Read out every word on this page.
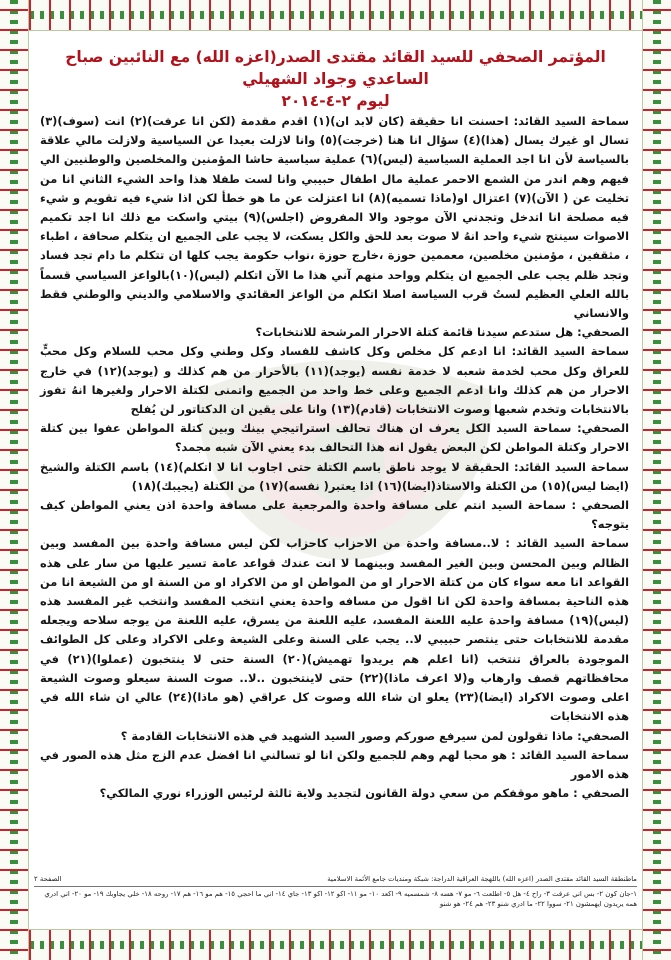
المؤتمر الصحفي للسيد القائد مقتدى الصدر(اعزه الله) مع النائبين صباح الساعدي وجواد الشهيلي
ليوم ٢-٤-٢٠١٤

سماحة السيد القائد: احسنت انا حقيقة (كان لابد ان)(١) اقدم مقدمة (لكن انا عرفت)(٢) انت (سوف)(٣) تسال او غيرك يسال (هذا)(٤) سؤال انا هنا (خرجت)(٥) وانا لازلت بعيدا عن السياسية ولازلت مالي علاقة بالسياسة لأن انا اجد العملية السياسية (ليس)(٦) عملية سياسية حاشا المؤمنين والمخلصين والوطنيين الي فيهم وهم اندر من الشمع الاحمر عملية مال اطفال حبيبي وانا لست طفلا هذا واحد الشيء الثاني انا من تخليت عن ( الآن)(٧) اعتزال او(ماذا تسميه)(٨) انا اعتزلت عن ما هو خطأ لكن اذا شيء فيه تقويم و شيء فيه مصلحة انا اتدخل وتجدني الآن موجود والا المفروض (اجلس)(٩) بيتي واسكت مع ذلك انا اجد تكميم الاصوات سينتج شيء واحد انهُ لا صوت بعد للحق والكل يسكت، لا يجب على الجميع ان يتكلم صحافة ، اطباء ، مثقفين ، مؤمنين مخلصين، معممين حوزة ،خارج حوزة ،نواب حكومة يجب كلها ان تتكلم ما دام تجد فساد وتجد ظلم يجب على الجميع ان يتكلم وواحد منهم آني هذا ما الآن اتكلم (ليس)(١٠)بالواعز السياسي قسماً بالله العلي العظيم لستُ قرب السياسة اصلا اتكلم من الواعز العقائدي والاسلامي والديني والوطني فقط والانساني

الصحفي: هل ستدعم سيدنا قائمة كتلة الاحرار المرشحة للانتخابات؟

سماحة السيد القائد: انا ادعم كل مخلص وكل كاشف للفساد وكل وطني وكل محب للسلام وكل محبٍّ للعراق وكل محب لخدمة شعبه لا خدمة نفسه (يوجد)(١١) بالأحرار من هم كذلك و (يوجد)(١٢) في خارج الاحرار من هم كذلك وانا ادعم الجميع وعلى خط واحد من الجميع واتمنى لكتلة الاحرار ولغيرها انهُ تفوز بالانتخابات وتخدم شعبها وصوت الانتخابات (قادم)(١٣) وانا على يقين ان الدكتاتور لن يُفلح

الصحفي: سماحة السيد الكل يعرف ان هناك تحالف استراتيجي بينك وبين كتلة المواطن عفوا بين كتلة الاحرار وكتلة المواطن لكن البعض يقول انه هذا التحالف بدء يعني الآن شبه مجمد؟

سماحة السيد القائد: الحقيقة لا يوجد ناطق باسم الكتلة حتى اجاوب انا لا اتكلم)(١٤) باسم الكتلة والشيخ (ايضا ليس)(١٥) من الكتلة والاستاذ(ايضا)(١٦) اذا يعتبر( نفسه)(١٧) من الكتلة (يجيبك)(١٨)

الصحفي : سماحة السيد انتم على مسافة واحدة والمرجعية على مسافة واحدة اذن يعني المواطن كيف يتوجه؟

سماحة السيد القائد : لا..مسافة واحدة من الاحزاب كاحزاب لكن ليس مسافة واحدة بين المفسد وبين الظالم وبين المحسن وبين الغير المفسد وبينهما لا انت عندك قواعد عامة تسير عليها من سار على هذه القواعد انا معه سواء كان من كتلة الاحرار او من المواطن او من الاكراد او من السنة او من الشيعة انا من هذه الناحية بمسافة واحدة لكن انا اقول من مسافه واحدة يعني انتخب المفسد وانتخب غير المفسد هذه (ليس)(١٩) مسافة واحدة عليه اللعنة المفسد، عليه اللعنة من يسرق، عليه اللعنة من يوجه سلاحه ويجعله مقدمة للانتخابات حتى ينتصر حبيبي لا.. يجب على السنة وعلى الشيعة وعلى الاكراد وعلى كل الطوائف الموجودة بالعراق تنتخب (انا اعلم هم يريدوا تهميش)(٢٠) السنة حتى لا ينتخبون (عملوا)(٢١) في محافظاتهم قصف وارهاب و(لا اعرف ماذا)(٢٢) حتى لاينتخبون ..لا.. صوت السنة سيعلو وصوت الشيعة اعلى وصوت الاكراد (ايضا)(٢٣) يعلو ان شاء الله وصوت كل عراقي (هو ماذا)(٢٤) عالي ان شاء الله في هذه الانتخابات

الصحفي: ماذا تقولون لمن سيرفع صوركم وصور السيد الشهيد في هذه الانتخابات القادمة ؟

سماحة السيد القائد : هو محبا لهم وهم للجميع ولكن انا لو تسالني انا افضل عدم الزج مثل هذه الصور في هذه الامور

الصحفي : ماهو موقفكم من سعي دولة القانون لتجديد ولاية ثالثة لرئيس الوزراء نوري المالكي؟

ماطنطقة السيد القائد مقتدى الصدر (اعزه الله) باللهجة العراقية الدراجة: شبكة ومنديات جامع الأئمة الاسلامية
الصفحة ٢
١-جان كون ٢- بس اني عرفت ٣- راح ٤- هل ٥- اطلعت ٦- مو ٧- هسه ٨- شمسميه ٩- اكعد ١٠- مو ١١- اكو ١٢- اكو ١٣- جاي ١٤- اني ما احجي ١٥- هم مو ١٦- هم ١٧- روحه ١٨- خلي يجاوبك ١٩- مو ٢٠- اني ادري همه يريدون ايهمشون ٢١- سووا ٢٢- ما ادري شنو ٢٣- هم ٢٤- هو شنو
